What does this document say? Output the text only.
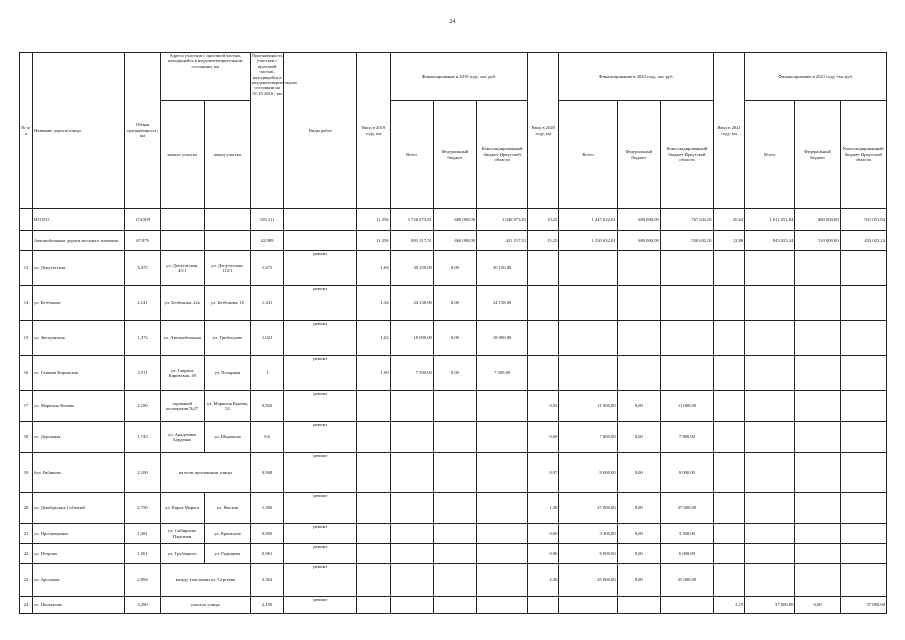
24
№ п/п	Название дороги/улицы	Общая протяжённость, км	Адреса участков с проезжей частью, находящейся в неудовлетворительном состоянии, км		Протяжённость участков с проезжей частью, находящейся в неудовлетворительном состоянии на 01.10.2016 , км	Виды работ	Ввод в 2019 году, км	Финансирование в 2019 году, тыс руб.			Ввод в 2020 году, км	Финансирование в 2020 году, тыс руб.			Ввод в 2021 году, км	Финансирование в 2021 году, тыс руб.		
			начало участка	конец участка				Всего	Федеральный бюджет	Консолидированный бюджет Иркутской области		Всего	Федеральный бюджет	Консолидированный бюджет Иркутской области		Всего	Федеральный бюджет	Консолидированный бюджет Иркутской области

	ИТОГО	174,909			105,111		11,356	1 726 073,81	680 000,00	1 046 073,81	19,25	1 447 632,01	680 000,00	767 632,01	20,62	1 611 051,84	680 000,00	931 051,84
	Автомобильные дороги местного значения	67,879			42,989		11,356	881 517,51	460 000,00	421 517,51	15,25	1 230 632,01	680 000,00	550 632,01	12,88	943 023,24	510 000,00	433 023,24
13	ул. Депутатская	3,475	ул. Депутатская, 45/1	ул. Депутатская, 112/1	1,675	ремонт	1,68	30 150,00	0,00	30 150,00								
14	ул. Безбокова	2,141	ул. Безбокова, 22а	ул. Безбокова, 10	1,341	ремонт	1,34	24 138,00	0,00	24 138,00								
15	ул. Звездинская	1,372	ул. Автомобильная	ул. Грибоедова	1,023	ремонт	1,02	18 000,00	0,00	18 000,00								
16	ул. Главная Кировская	2,511	ул. Гаврила Кировская, 49	ул. Полярная	1	ремонт	1,00	7 500,00	0,00	7 500,00								
17	ул. Маршала Конева	2,180	гаражный кооператив №27	ул. Маршала Конева, 52	0,920	ремонт					0,92	11 000,00	0,00	11 000,00				
18	ул. Дорожная	1,743	ул. Академика Бурденко	ул. Шараповa	0,6	ремонт					0,60	7 800,00	0,00	7 800,00				
19	бул. Рябикова	2,100	на всем протяжении улицы		0,968	ремонт					0,97	9 000,00	0,00	9 000,00				
20	ул. Декабрьских Событий	2,750	ул. Карла Маркса	ул. Ямская	1,300	ремонт					1,30	27 000,00	0,00	27 000,00				
21	ул. Просвещения	1,381	ул. Сибирских Партизан	ул. Крымская	0,600	ремонт					0,60	3 300,00	0,00	3 300,00				
22	ул. Петрова	1,561	ул. Трубецкого	ул. Радищева	0,961	ремонт					0,96	6 000,00	0,00	6 000,00				
23	ул. Аргунова	2,894	между участками ул. Сергеева		2,364	ремонт					2,36	25 000,00	0,00	25 000,00				
24	ул. Пискунова	3,290	участок улицы		2,190	ремонт									2,19	37 000,00	0,00	37 000,00
